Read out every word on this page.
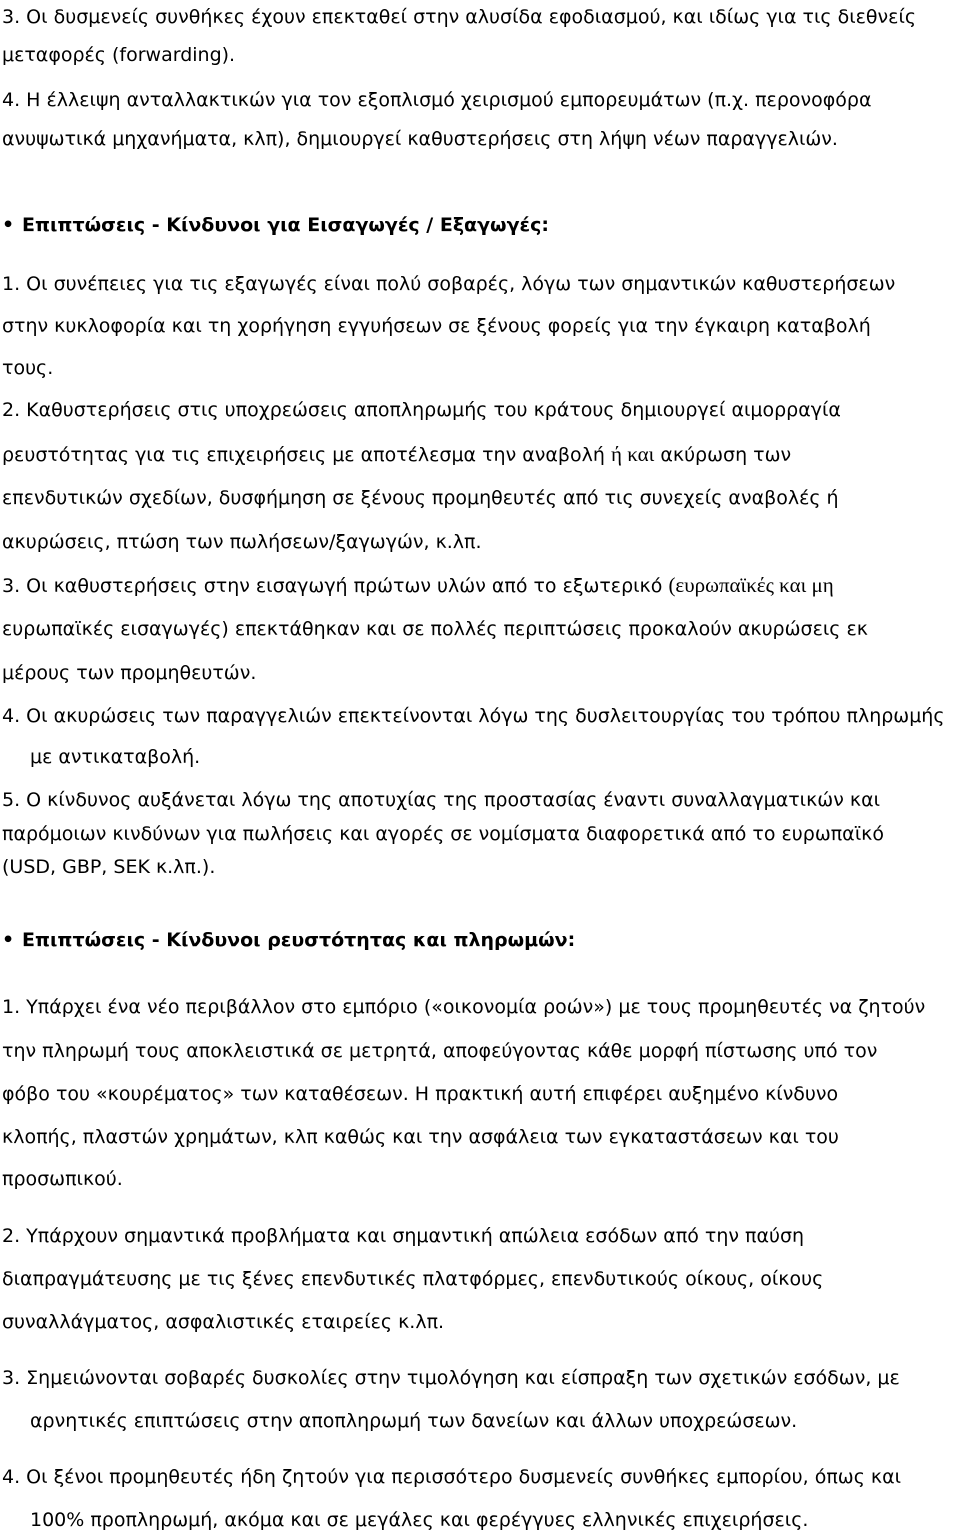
3. Οι δυσμενείς συνθήκες έχουν επεκταθεί στην αλυσίδα εφοδιασμού, και ιδίως για τις διεθνείς
μεταφορές (forwarding).
4. Η έλλειψη ανταλλακτικών για τον εξοπλισμό χειρισμού εμπορευμάτων (π.χ. περονοφόρα
ανυψωτικά μηχανήματα, κλπ), δημιουργεί καθυστερήσεις στη λήψη νέων παραγγελιών.
• Επιπτώσεις - Κίνδυνοι για Εισαγωγές / Εξαγωγές:
1. Οι συνέπειες για τις εξαγωγές είναι πολύ σοβαρές, λόγω των σημαντικών καθυστερήσεων
στην κυκλοφορία και τη χορήγηση εγγυήσεων σε ξένους φορείς για την έγκαιρη καταβολή
τους.
2. Καθυστερήσεις στις υποχρεώσεις αποπληρωμής του κράτους δημιουργεί αιμορραγία
ρευστότητας για τις επιχειρήσεις με αποτέλεσμα την αναβολή ή και ακύρωση των
επενδυτικών σχεδίων, δυσφήμηση σε ξένους προμηθευτές από τις συνεχείς αναβολές ή
ακυρώσεις, πτώση των πωλήσεων/ξαγωγών, κ.λπ.
3. Οι καθυστερήσεις στην εισαγωγή πρώτων υλών από το εξωτερικό (ευρωπαϊκές και μη
ευρωπαϊκές εισαγωγές) επεκτάθηκαν και σε πολλές περιπτώσεις προκαλούν ακυρώσεις εκ
μέρους των προμηθευτών.
4. Οι ακυρώσεις των παραγγελιών επεκτείνονται λόγω της δυσλειτουργίας του τρόπου πληρωμής
με αντικαταβολή.
5. Ο κίνδυνος αυξάνεται λόγω της αποτυχίας της προστασίας έναντι συναλλαγματικών και
παρόμοιων κινδύνων για πωλήσεις και αγορές σε νομίσματα διαφορετικά από το ευρωπαϊκό
(USD, GBP, SEK κ.λπ.).
• Επιπτώσεις - Κίνδυνοι ρευστότητας και πληρωμών:
1. Υπάρχει ένα νέο περιβάλλον στο εμπόριο («οικονομία ροών») με τους προμηθευτές να ζητούν
την πληρωμή τους αποκλειστικά σε μετρητά, αποφεύγοντας κάθε μορφή πίστωσης υπό τον
φόβο του «κουρέματος» των καταθέσεων. Η πρακτική αυτή επιφέρει αυξημένο κίνδυνο
κλοπής, πλαστών χρημάτων, κλπ καθώς και την ασφάλεια των εγκαταστάσεων και του
προσωπικού.
2. Υπάρχουν σημαντικά προβλήματα και σημαντική απώλεια εσόδων από την παύση
διαπραγμάτευσης με τις ξένες επενδυτικές πλατφόρμες, επενδυτικούς οίκους, οίκους
συναλλάγματος, ασφαλιστικές εταιρείες κ.λπ.
3. Σημειώνονται σοβαρές δυσκολίες στην τιμολόγηση και είσπραξη των σχετικών εσόδων, με
αρνητικές επιπτώσεις στην αποπληρωμή των δανείων και άλλων υποχρεώσεων.
4. Οι ξένοι προμηθευτές ήδη ζητούν για περισσότερο δυσμενείς συνθήκες εμπορίου, όπως και
100% προπληρωμή, ακόμα και σε μεγάλες και φερέγγυες ελληνικές επιχειρήσεις.
